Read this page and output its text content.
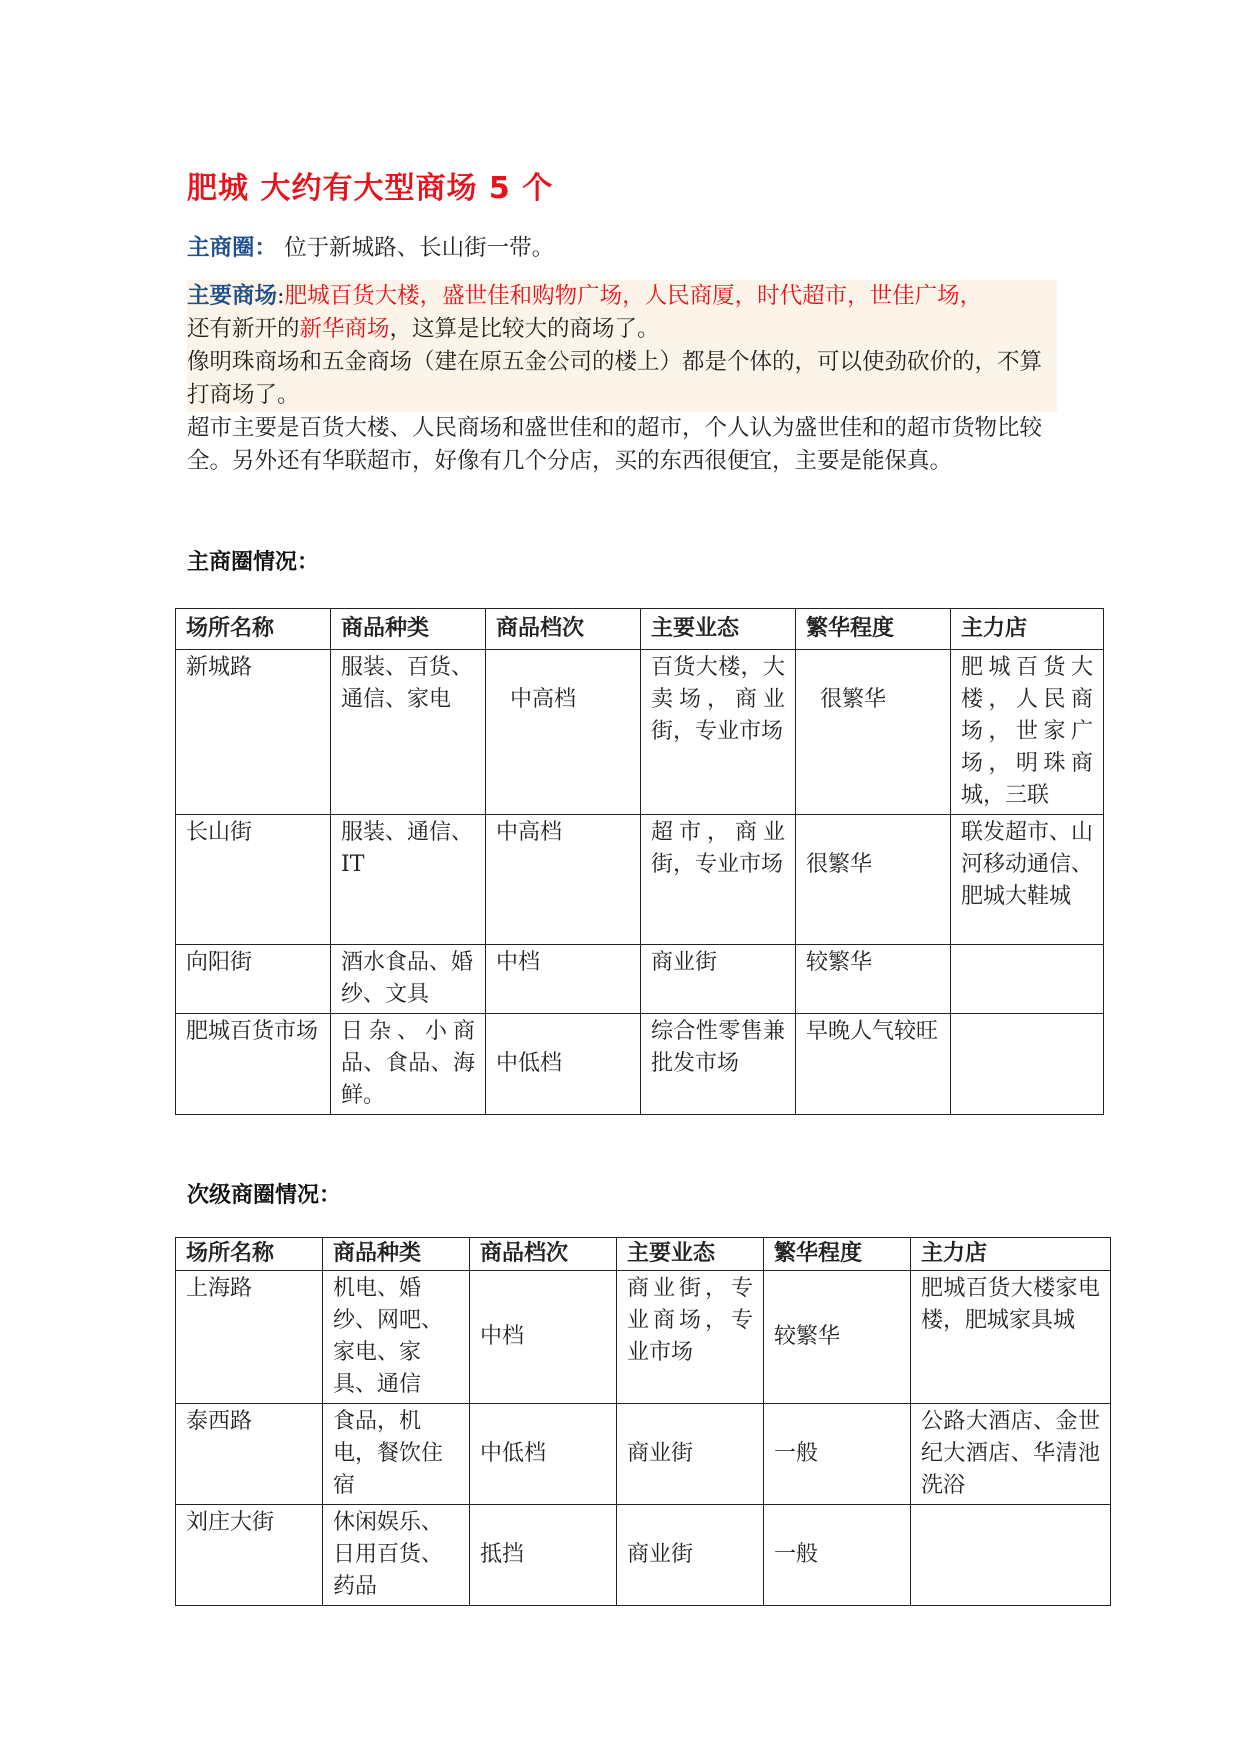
肥城 大约有大型商场 5 个
主商圈： 位于新城路、长山街一带。
主要商场:肥城百货大楼，盛世佳和购物广场，人民商厦，时代超市，世佳广场，
还有新开的新华商场，这算是比较大的商场了。
像明珠商场和五金商场（建在原五金公司的楼上）都是个体的，可以使劲砍价的，不算打商场了。
超市主要是百货大楼、人民商场和盛世佳和的超市，个人认为盛世佳和的超市货物比较全。另外还有华联超市，好像有几个分店，买的东西很便宜，主要是能保真。
主商圈情况：
场所名称	商品种类	商品档次	主要业态	繁华程度	主力店
新城路	服装、百货、通信、家电	中高档	百货大楼，大卖场，商业街，专业市场	很繁华	肥城百货大楼，人民商场，世家广场，明珠商城，三联
长山街	服装、通信、IT	中高档	超市，商业街，专业市场	很繁华	联发超市、山河移动通信、肥城大鞋城
向阳街	酒水食品、婚纱、文具	中档	商业街	较繁华	
肥城百货市场	日杂、小商品、食品、海鲜。	中低档	综合性零售兼批发市场	早晚人气较旺	
次级商圈情况：
场所名称	商品种类	商品档次	主要业态	繁华程度	主力店
上海路	机电、婚纱、网吧、家电、家具、通信	中档	商业街，专业商场，专业市场	较繁华	肥城百货大楼家电楼，肥城家具城
泰西路	食品，机电，餐饮住宿	中低档	商业街	一般	公路大酒店、金世纪大酒店、华清池洗浴
刘庄大街	休闲娱乐、日用百货、药品	抵挡	商业街	一般	
